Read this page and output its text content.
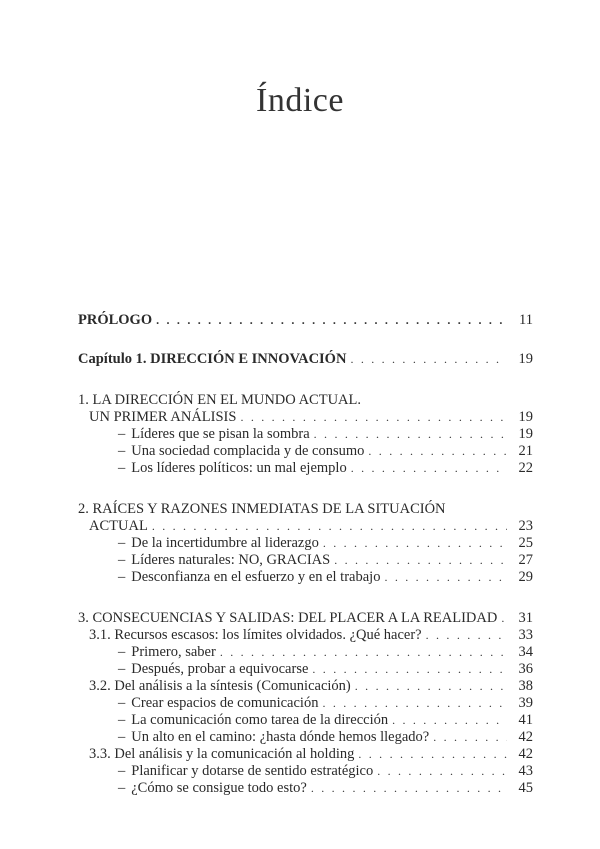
Índice
PRÓLOGO . . .	11
Capítulo 1. DIRECCIÓN E INNOVACIÓN . . .	19
1. LA DIRECCIÓN EN EL MUNDO ACTUAL.
UN PRIMER ANÁLISIS . . .	19
– Líderes que se pisan la sombra . . .	19
– Una sociedad complacida y de consumo . . .	21
– Los líderes políticos: un mal ejemplo . . .	22
2. RAÍCES Y RAZONES INMEDIATAS DE LA SITUACIÓN
ACTUAL . . .	23
– De la incertidumbre al liderazgo . . .	25
– Líderes naturales: NO, GRACIAS . . .	27
– Desconfianza en el esfuerzo y en el trabajo . . .	29
3. CONSECUENCIAS Y SALIDAS: DEL PLACER A LA REALIDAD . . .	31
3.1. Recursos escasos: los límites olvidados. ¿Qué hacer? . . .	33
– Primero, saber . . .	34
– Después, probar a equivocarse . . .	36
3.2. Del análisis a la síntesis (Comunicación) . . .	38
– Crear espacios de comunicación . . .	39
– La comunicación como tarea de la dirección . . .	41
– Un alto en el camino: ¿hasta dónde hemos llegado? . . .	42
3.3. Del análisis y la comunicación al holding . . .	42
– Planificar y dotarse de sentido estratégico . . .	43
– ¿Cómo se consigue todo esto? . . .	45
